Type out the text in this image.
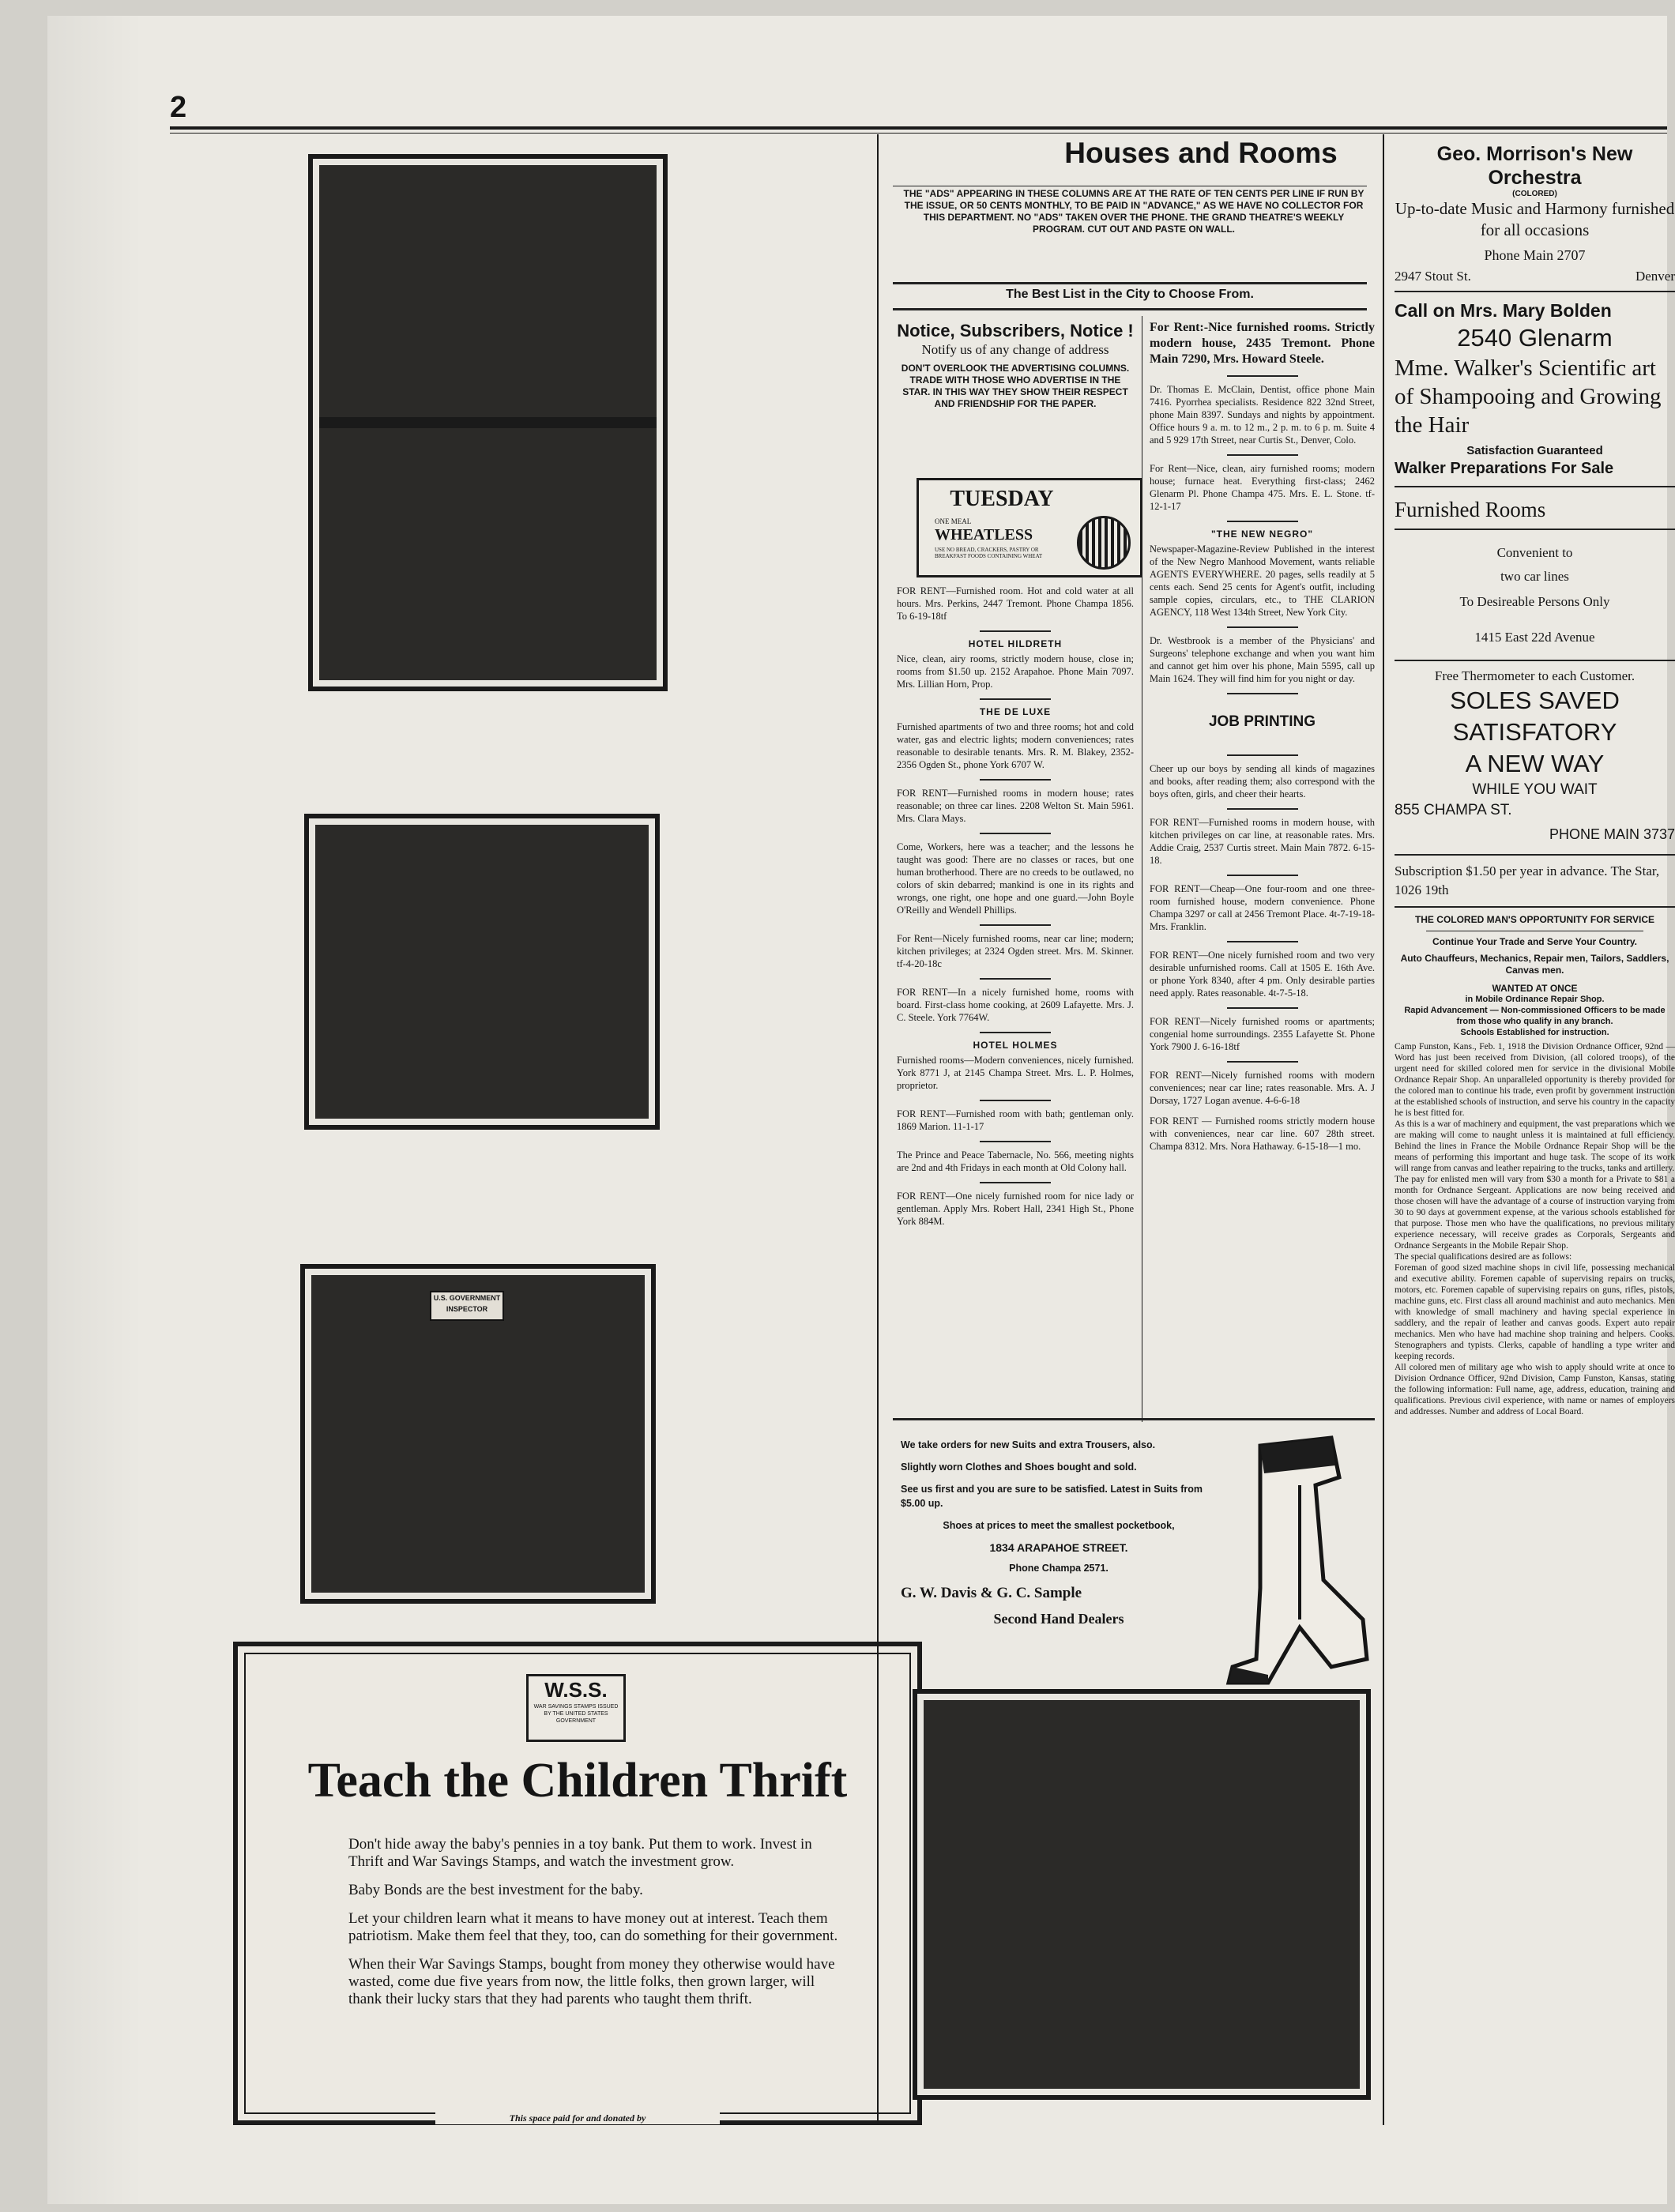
2
U.S. GOVERNMENT INSPECTOR
W.S.S.
WAR SAVINGS STAMPS ISSUED BY THE UNITED STATES GOVERNMENT
Teach the Children Thrift

Don't hide away the baby's pennies in a toy bank. Put them to work. Invest in Thrift and War Savings Stamps, and watch the investment grow.

Baby Bonds are the best investment for the baby.

Let your children learn what it means to have money out at interest. Teach them patriotism. Make them feel that they, too, can do something for their government.

When their War Savings Stamps, bought from money they otherwise would have wasted, come due five years from now, the little folks, then grown larger, will thank their lucky stars that they had parents who taught them thrift.

This space paid for and donated by
Houses and Rooms

THE "ADS" APPEARING IN THESE COLUMNS ARE AT THE RATE OF TEN CENTS PER LINE IF RUN BY THE ISSUE, OR 50 CENTS MONTHLY, TO BE PAID IN "ADVANCE," AS WE HAVE NO COLLECTOR FOR THIS DEPARTMENT. NO "ADS" TAKEN OVER THE PHONE. THE GRAND THEATRE'S WEEKLY PROGRAM. CUT OUT AND PASTE ON WALL.

The Best List in the City to Choose From.
Notice, Subscribers, Notice !
Notify us of any change of address

DON'T OVERLOOK THE ADVERTISING COLUMNS. TRADE WITH THOSE WHO ADVERTISE IN THE STAR. IN THIS WAY THEY SHOW THEIR RESPECT AND FRIENDSHIP FOR THE PAPER.

TUESDAY
ONE MEAL
WHEATLESS
USE NO BREAD, CRACKERS, PASTRY OR BREAKFAST FOODS CONTAINING WHEAT

FOR RENT—Furnished room. Hot and cold water at all hours. Mrs. Perkins, 2447 Tremont. Phone Champa 1856. To 6-19-18tf

HOTEL HILDRETH

Nice, clean, airy rooms, strictly modern house, close in; rooms from $1.50 up. 2152 Arapahoe. Phone Main 7097. Mrs. Lillian Horn, Prop.

THE DE LUXE

Furnished apartments of two and three rooms; hot and cold water, gas and electric lights; modern conveniences; rates reasonable to desirable tenants. Mrs. R. M. Blakey, 2352-2356 Ogden St., phone York 6707 W.

FOR RENT—Furnished rooms in modern house; rates reasonable; on three car lines. 2208 Welton St. Main 5961. Mrs. Clara Mays.

Come, Workers, here was a teacher; and the lessons he taught was good: There are no classes or races, but one human brotherhood. There are no creeds to be outlawed, no colors of skin debarred; mankind is one in its rights and wrongs, one right, one hope and one guard.—John Boyle O'Reilly and Wendell Phillips.

For Rent—Nicely furnished rooms, near car line; modern; kitchen privileges; at 2324 Ogden street. Mrs. M. Skinner. tf-4-20-18c

FOR RENT—In a nicely furnished home, rooms with board. First-class home cooking, at 2609 Lafayette. Mrs. J. C. Steele. York 7764W.

HOTEL HOLMES

Furnished rooms—Modern conveniences, nicely furnished. York 8771 J, at 2145 Champa Street. Mrs. L. P. Holmes, proprietor.

FOR RENT—Furnished room with bath; gentleman only. 1869 Marion. 11-1-17

The Prince and Peace Tabernacle, No. 566, meeting nights are 2nd and 4th Fridays in each month at Old Colony hall.

FOR RENT—One nicely furnished room for nice lady or gentleman. Apply Mrs. Robert Hall, 2341 High St., Phone York 884M.

For Rent:-Nice furnished rooms. Strictly modern house, 2435 Tremont. Phone Main 7290, Mrs. Howard Steele.

Dr. Thomas E. McClain, Dentist, office phone Main 7416. Pyorrhea specialists. Residence 822 32nd Street, phone Main 8397. Sundays and nights by appointment. Office hours 9 a. m. to 12 m., 2 p. m. to 6 p. m. Suite 4 and 5 929 17th Street, near Curtis St., Denver, Colo.

For Rent—Nice, clean, airy furnished rooms; modern house; furnace heat. Everything first-class; 2462 Glenarm Pl. Phone Champa 475. Mrs. E. L. Stone. tf-12-1-17

"THE NEW NEGRO"

Newspaper-Magazine-Review Published in the interest of the New Negro Manhood Movement, wants reliable AGENTS EVERYWHERE. 20 pages, sells readily at 5 cents each. Send 25 cents for Agent's outfit, including sample copies, circulars, etc., to THE CLARION AGENCY, 118 West 134th Street, New York City.

Dr. Westbrook is a member of the Physicians' and Surgeons' telephone exchange and when you want him and cannot get him over his phone, Main 5595, call up Main 1624. They will find him for you night or day.

JOB PRINTING

Cheer up our boys by sending all kinds of magazines and books, after reading them; also correspond with the boys often, girls, and cheer their hearts.

FOR RENT—Furnished rooms in modern house, with kitchen privileges on car line, at reasonable rates. Mrs. Addie Craig, 2537 Curtis street. Main Main 7872. 6-15-18.

FOR RENT—Cheap—One four-room and one three-room furnished house, modern convenience. Phone Champa 3297 or call at 2456 Tremont Place. 4t-7-19-18-Mrs. Franklin.

FOR RENT—One nicely furnished room and two very desirable unfurnished rooms. Call at 1505 E. 16th Ave. or phone York 8340, after 4 pm. Only desirable parties need apply. Rates reasonable. 4t-7-5-18.

FOR RENT—Nicely furnished rooms or apartments; congenial home surroundings. 2355 Lafayette St. Phone York 7900 J. 6-16-18tf

FOR RENT—Nicely furnished rooms with modern conveniences; near car line; rates reasonable. Mrs. A. J Dorsay, 1727 Logan avenue. 4-6-6-18

FOR RENT — Furnished rooms strictly modern house with conveniences, near car line. 607 28th street. Champa 8312. Mrs. Nora Hathaway. 6-15-18—1 mo.

We take orders for new Suits and extra Trousers, also.

Slightly worn Clothes and Shoes bought and sold.

See us first and you are sure to be satisfied. Latest in Suits from $5.00 up.

Shoes at prices to meet the smallest pocketbook,

1834 ARAPAHOE STREET.

Phone Champa 2571.

G. W. Davis & G. C. Sample

Second Hand Dealers

Geo. Morrison's New Orchestra

(COLORED)

Up-to-date Music and Harmony furnished for all occasions

Phone Main 2707

2947 Stout St.	Denver

Call on Mrs. Mary Bolden

2540 Glenarm

Mme. Walker's Scientific art of Shampooing and Growing the Hair

Satisfaction Guaranteed

Walker Preparations For Sale

Furnished Rooms

Convenient to

two car lines

To Desireable Persons Only

1415 East 22d Avenue

Free Thermometer to each Customer.

SOLES SAVED

SATISFATORY

A NEW WAY

WHILE YOU WAIT

855 CHAMPA ST.

PHONE MAIN 3737

Subscription $1.50 per year in advance. The Star, 1026 19th

THE COLORED MAN'S OPPORTUNITY FOR SERVICE

Continue Your Trade and Serve Your Country.

Auto Chauffeurs, Mechanics, Repair men, Tailors, Saddlers, Canvas men.

WANTED AT ONCE

in Mobile Ordinance Repair Shop.

Rapid Advancement — Non-commissioned Officers to be made from those who qualify in any branch.

Schools Established for instruction.

Camp Funston, Kans., Feb. 1, 1918 the Division Ordnance Officer, 92nd —Word has just been received from Division, (all colored troops), of the urgent need for skilled colored men for service in the divisional Mobile Ordnance Repair Shop. An unparalleled opportunity is thereby provided for the colored man to continue his trade, even profit by government instruction at the established schools of instruction, and serve his country in the capacity he is best fitted for.

As this is a war of machinery and equipment, the vast preparations which we are making will come to naught unless it is maintained at full efficiency. Behind the lines in France the Mobile Ordnance Repair Shop will be the means of performing this important and huge task. The scope of its work will range from canvas and leather repairing to the trucks, tanks and artillery.

The pay for enlisted men will vary from $30 a month for a Private to $81 a month for Ordnance Sergeant. Applications are now being received and those chosen will have the advantage of a course of instruction varying from 30 to 90 days at government expense, at the various schools established for that purpose. Those men who have the qualifications, no previous military experience necessary, will receive grades as Corporals, Sergeants and Ordnance Sergeants in the Mobile Repair Shop.

The special qualifications desired are as follows:

Foreman of good sized machine shops in civil life, possessing mechanical and executive ability. Foremen capable of supervising repairs on trucks, motors, etc. Foremen capable of supervising repairs on guns, rifles, pistols, machine guns, etc. First class all around machinist and auto mechanics. Men with knowledge of small machinery and having special experience in saddlery, and the repair of leather and canvas goods. Expert auto repair mechanics. Men who have had machine shop training and helpers. Cooks. Stenographers and typists. Clerks, capable of handling a type writer and keeping records.

All colored men of military age who wish to apply should write at once to Division Ordnance Officer, 92nd Division, Camp Funston, Kansas, stating the following information: Full name, age, address, education, training and qualifications. Previous civil experience, with name or names of employers and addresses. Number and address of Local Board.
